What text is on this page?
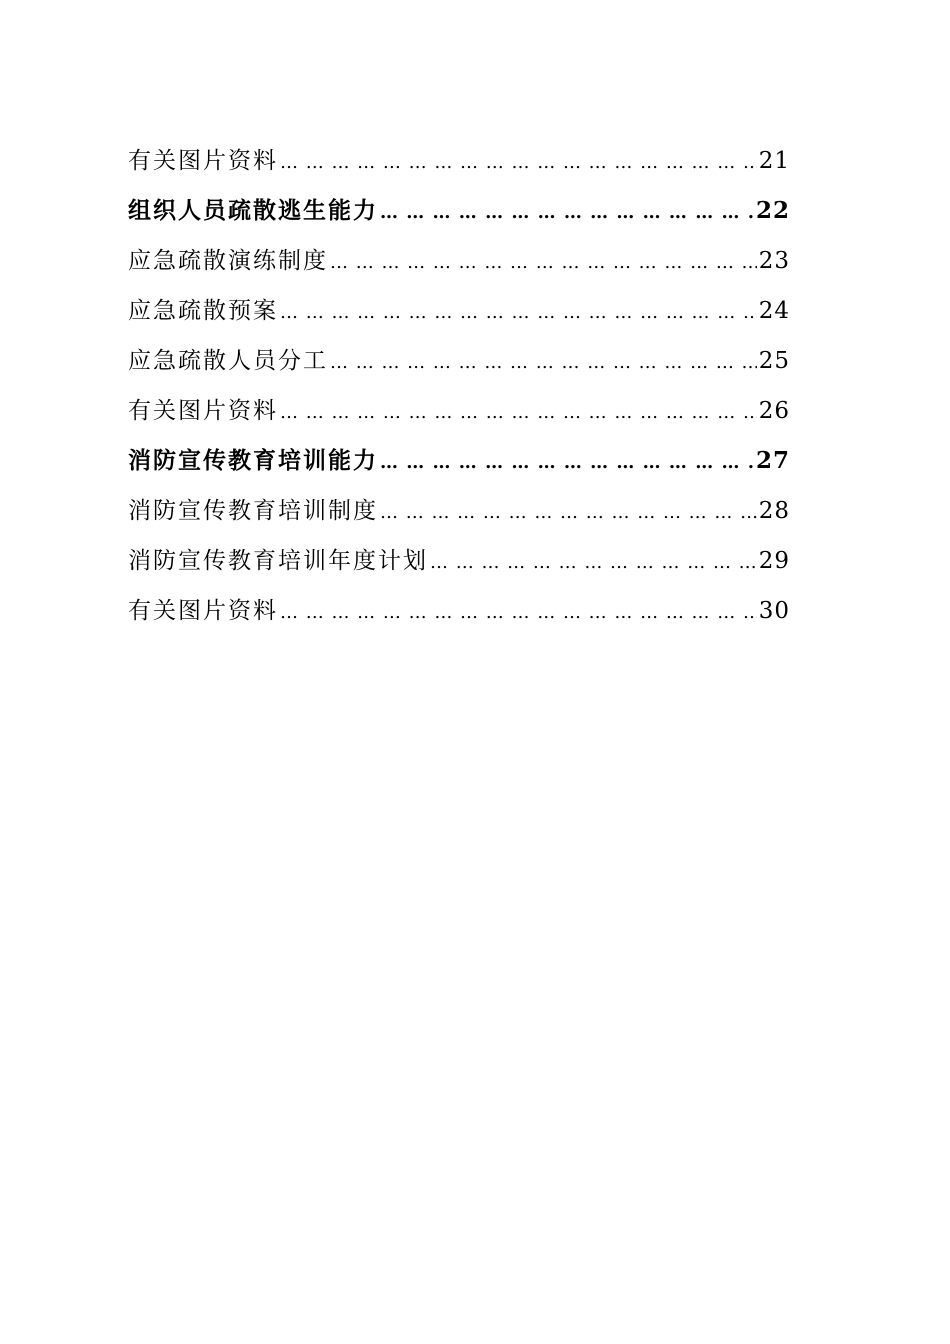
有关图片资料 … … … … … … … … … … … … … … … … … … … … … … … … … … … … … … … … … … … … … … … … … … … … … … … … … … … … … … … …	21
组织人员疏散逃生能力 … … … … … … … … … … … … … … … … … … … … … … … … … … … … … … … … … … … … … … … … … … … … … … … … … … … … … … … …	22
应急疏散演练制度 … … … … … … … … … … … … … … … … … … … … … … … … … … … … … … … … … … … … … … … … … … … … … … … … … … … … … … … …	23
应急疏散预案 … … … … … … … … … … … … … … … … … … … … … … … … … … … … … … … … … … … … … … … … … … … … … … … … … … … … … … … …	24
应急疏散人员分工 … … … … … … … … … … … … … … … … … … … … … … … … … … … … … … … … … … … … … … … … … … … … … … … … … … … … … … … …	25
有关图片资料 … … … … … … … … … … … … … … … … … … … … … … … … … … … … … … … … … … … … … … … … … … … … … … … … … … … … … … … …	26
消防宣传教育培训能力 … … … … … … … … … … … … … … … … … … … … … … … … … … … … … … … … … … … … … … … … … … … … … … … … … … … … … … … …	27
消防宣传教育培训制度 … … … … … … … … … … … … … … … … … … … … … … … … … … … … … … … … … … … … … … … … … … … … … … … … … … … … … … … …	28
消防宣传教育培训年度计划 … … … … … … … … … … … … … … … … … … … … … … … … … … … … … … … … … … … … … … … … … … … … … … … … … … … … … … … …	29
有关图片资料 … … … … … … … … … … … … … … … … … … … … … … … … … … … … … … … … … … … … … … … … … … … … … … … … … … … … … … … …	30
